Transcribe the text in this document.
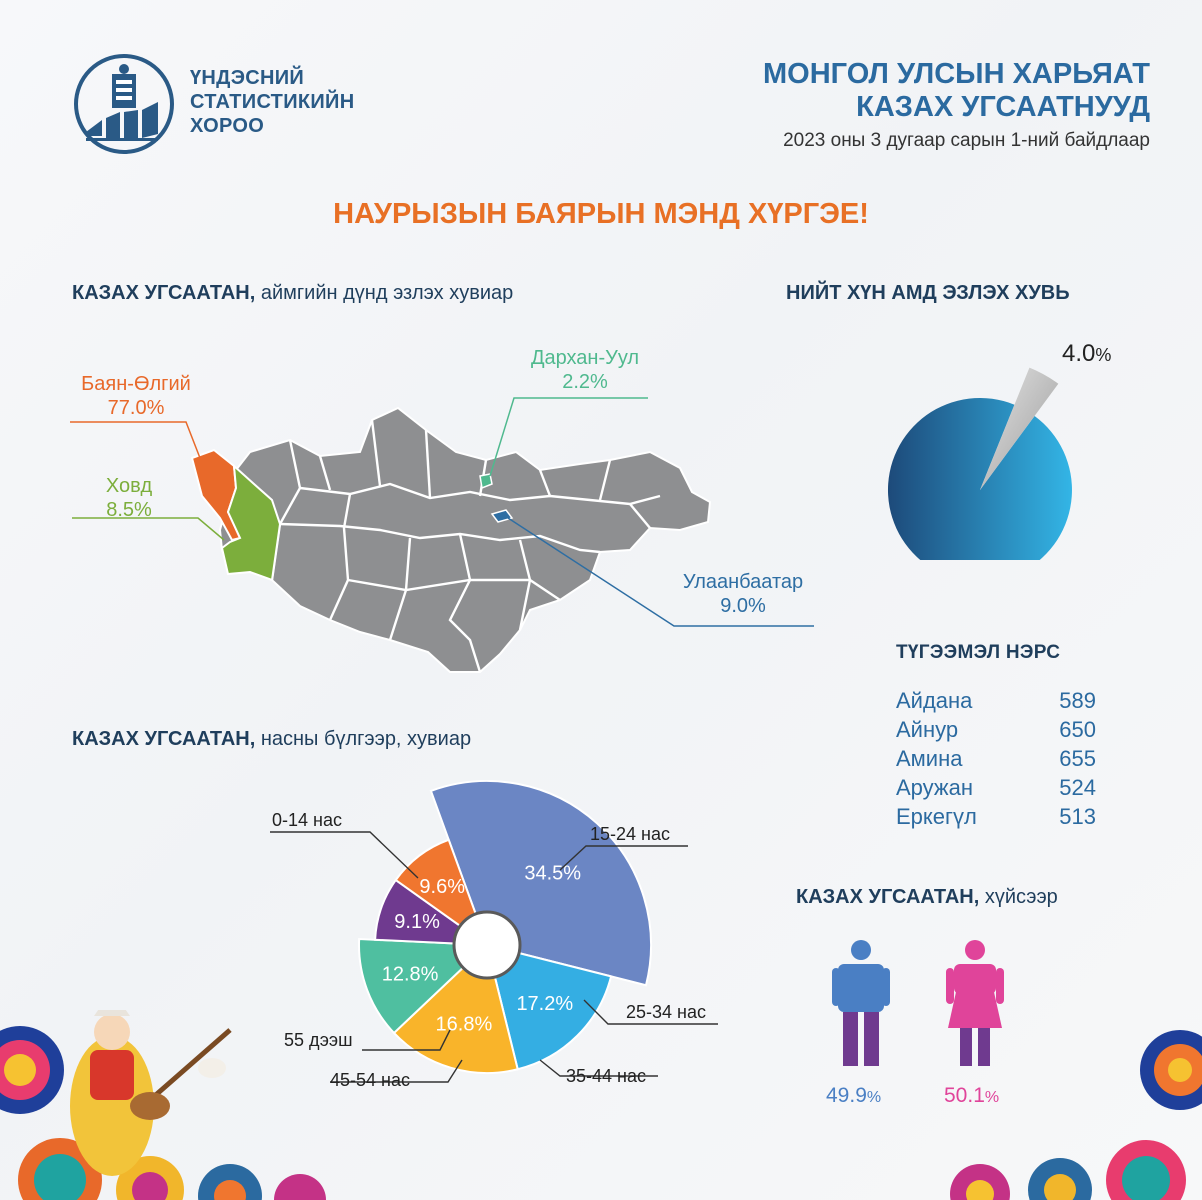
ҮНДЭСНИЙ
СТАТИСТИКИЙН
ХОРОО
МОНГОЛ УЛСЫН ХАРЬЯАТ
КАЗАХ УГСААТНУУД
2023 оны 3 дугаар сарын 1-ний байдлаар
НАУРЫЗЫН БАЯРЫН МЭНД ХҮРГЭЕ!
КАЗАХ УГСААТАН, аймгийн дүнд эзлэх хувиар
Баян-Өлгий
77.0%
Ховд
8.5%
Дархан-Уул
2.2%
Улаанбаатар
9.0%
НИЙТ ХҮН АМД ЭЗЛЭХ ХУВЬ
4.0%
ТҮГЭЭМЭЛ НЭРС
Айдана	589
Айнур	650
Амина	655
Аружан	524
Еркегүл	513
КАЗАХ УГСААТАН, насны бүлгээр, хувиар
34.5%
17.2%
16.8%
12.8%
9.1%
9.6%
0-14 нас
15-24 нас
25-34 нас
35-44 нас
45-54 нас
55 дээш
КАЗАХ УГСААТАН, хүйсээр
49.9%	50.1%
